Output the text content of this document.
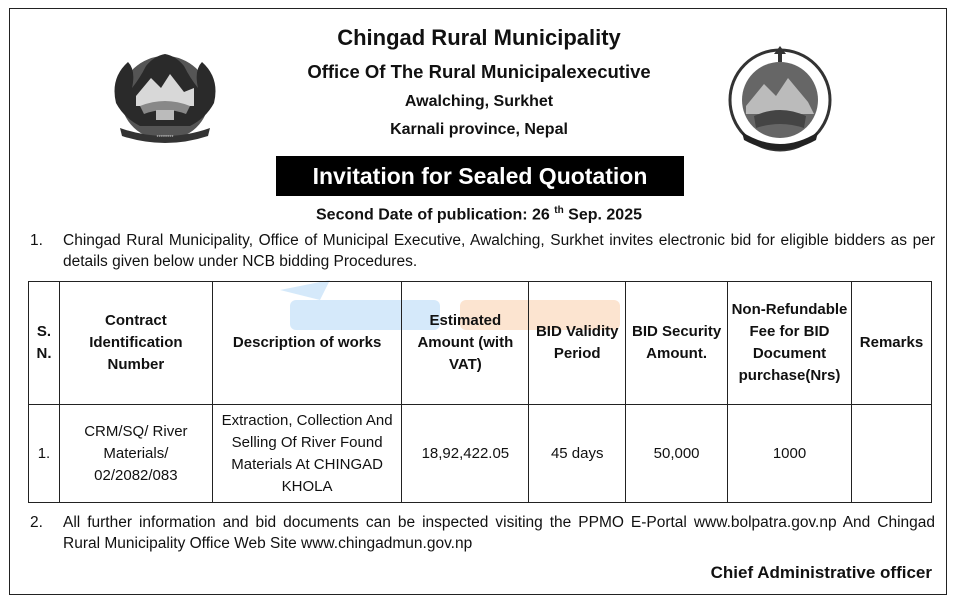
॰॰॰॰॰॰॰॰
Chingad Rural Municipality
Office Of The Rural Municipalexecutive
Awalching, Surkhet
Karnali province, Nepal
Invitation for Sealed Quotation
Second Date of publication: 26 $^{th}$ Sep. 2025
1. Chingad Rural Municipality, Office of Municipal Executive, Awalching, Surkhet invites electronic bid for eligible bidders as per details given below under NCB bidding Procedures.
S. N.	Contract Identification Number	Description of works	Estimated Amount (with VAT)	BID Validity Period	BID Security Amount.	Non-Refundable Fee for BID Document purchase(Nrs)	Remarks
1.	CRM/SQ/ River Materials/ 02/2082/083	Extraction, Collection And Selling Of River Found Materials At CHINGAD KHOLA	18,92,422.05	45 days	50,000	1000	
2. All further information and bid documents can be inspected visiting the PPMO E-Portal www.bolpatra.gov.np And Chingad Rural Municipality Office Web Site www.chingadmun.gov.np
Chief Administrative officer
